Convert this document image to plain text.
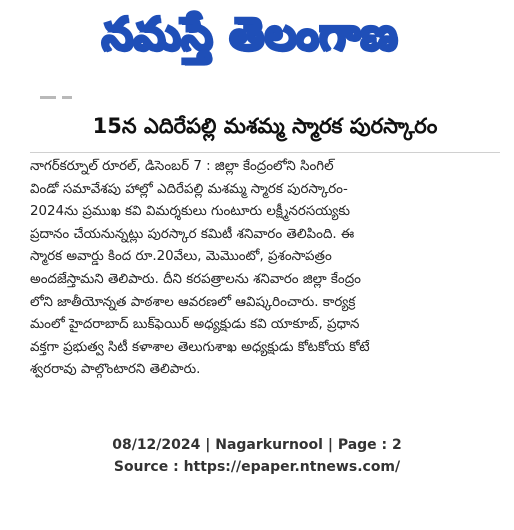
నమస్తే తెలంగాణ
15న ఎదిరేపల్లి మశమ్మ స్మారక పురస్కారం
నాగర్‌కర్నూల్ రూరల్, డిసెంబర్ 7 : జిల్లా కేంద్రంలోని సింగిల్
విండో సమావేశపు హాల్లో ఎదిరేపల్లి మశమ్మ స్మారక పురస్కారం-
2024ను ప్రముఖ కవి విమర్శకులు గుంటూరు లక్ష్మీనరసయ్యకు
ప్రదానం చేయనున్నట్లు పురస్కార కమిటీ శనివారం తెలిపింది. ఈ
స్మారక అవార్డు కింద రూ.20వేలు, మెమొంటో, ప్రశంసాపత్రం
అందజేస్తామని తెలిపారు. దీని కరపత్రాలను శనివారం జిల్లా కేంద్రం
లోని జాతీయోన్నత పాఠశాల ఆవరణలో ఆవిష్కరించారు. కార్యక్ర
మంలో హైదరాబాద్ బుక్‌ఫెయిర్ అధ్యక్షుడు కవి యాకూబ్, ప్రధాన
వక్తగా ప్రభుత్వ సిటీ కళాశాల తెలుగుశాఖ అధ్యక్షుడు కోటకోయ కోటే
శ్వరరావు పాల్గొంటారని తెలిపారు.
08/12/2024 | Nagarkurnool | Page : 2
Source : https://epaper.ntnews.com/
